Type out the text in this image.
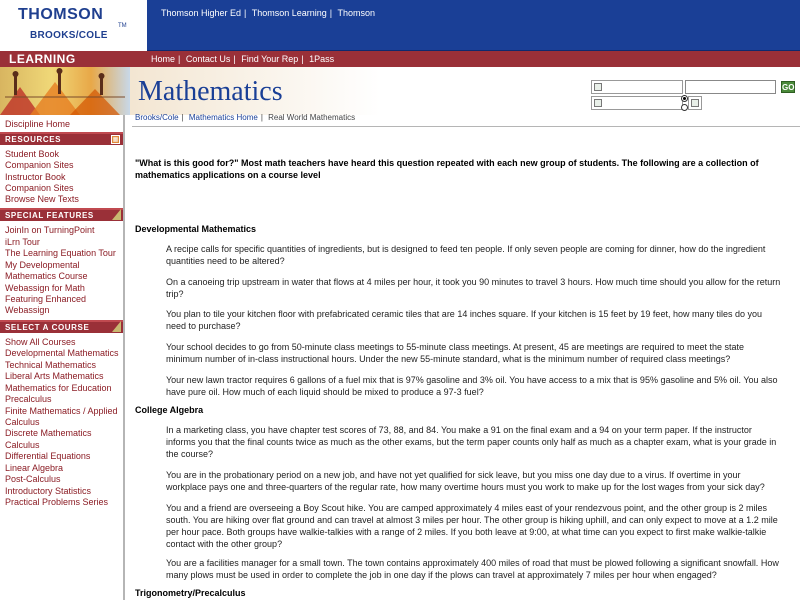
THOMSON
TM
BROOKS/COLE
Thomson Higher Ed | Thomson Learning | Thomson
LEARNING	Home | Contact Us | Find Your Rep | 1Pass
Mathematics	GO
Discipline Home
RESOURCES	▦
Student Book
Companion Sites
Instructor Book
Companion Sites
Browse New Texts
SPECIAL FEATURES
JoinIn on TurningPoint
iLrn Tour
The Learning Equation Tour
My Developmental
Mathematics Course
Webassign for Math
Featuring Enhanced
Webassign
SELECT A COURSE
Show All Courses
Developmental Mathematics
Technical Mathematics
Liberal Arts Mathematics
Mathematics for Education
Precalculus
Finite Mathematics / Applied
Calculus
Discrete Mathematics
Calculus
Differential Equations
Linear Algebra
Post-Calculus
Introductory Statistics
Practical Problems Series
Brooks/Cole | Mathematics Home | Real World Mathematics
"What is this good for?" Most math teachers have heard this question repeated with each new group of students. The following are a collection of mathematics applications on a course level
Developmental Mathematics
A recipe calls for specific quantities of ingredients, but is designed to feed ten people. If only seven people are coming for dinner, how do the ingredient quantities need to be altered?
On a canoeing trip upstream in water that flows at 4 miles per hour, it took you 90 minutes to travel 3 hours. How much time should you allow for the return trip?
You plan to tile your kitchen floor with prefabricated ceramic tiles that are 14 inches square. If your kitchen is 15 feet by 19 feet, how many tiles do you need to purchase?
Your school decides to go from 50-minute class meetings to 55-minute class meetings. At present, 45 are meetings are required to meet the state minimum number of in-class instructional hours. Under the new 55-minute standard, what is the minimum number of required class meetings?
Your new lawn tractor requires 6 gallons of a fuel mix that is 97% gasoline and 3% oil. You have access to a mix that is 95% gasoline and 5% oil. You also have pure oil. How much of each liquid should be mixed to produce a 97-3 fuel?
College Algebra
In a marketing class, you have chapter test scores of 73, 88, and 84. You make a 91 on the final exam and a 94 on your term paper. If the instructor informs you that the final counts twice as much as the other exams, but the term paper counts only half as much as a chapter exam, what is your grade in the course?
You are in the probationary period on a new job, and have not yet qualified for sick leave, but you miss one day due to a virus. If overtime in your workplace pays one and three-quarters of the regular rate, how many overtime hours must you work to make up for the lost wages from your sick day?
You and a friend are overseeing a Boy Scout hike. You are camped approximately 4 miles east of your rendezvous point, and the other group is 2 miles south. You are hiking over flat ground and can travel at almost 3 miles per hour. The other group is hiking uphill, and can only expect to move at a 1.2 mile per hour pace. Both groups have walkie-talkies with a range of 2 miles. If you both leave at 9:00, at what time can you expect to first make walkie-talkie contact with the other group?
You are a facilities manager for a small town. The town contains approximately 400 miles of road that must be plowed following a significant snowfall. How many plows must be used in order to complete the job in one day if the plows can travel at approximately 7 miles per hour when engaged?
Trigonometry/Precalculus
